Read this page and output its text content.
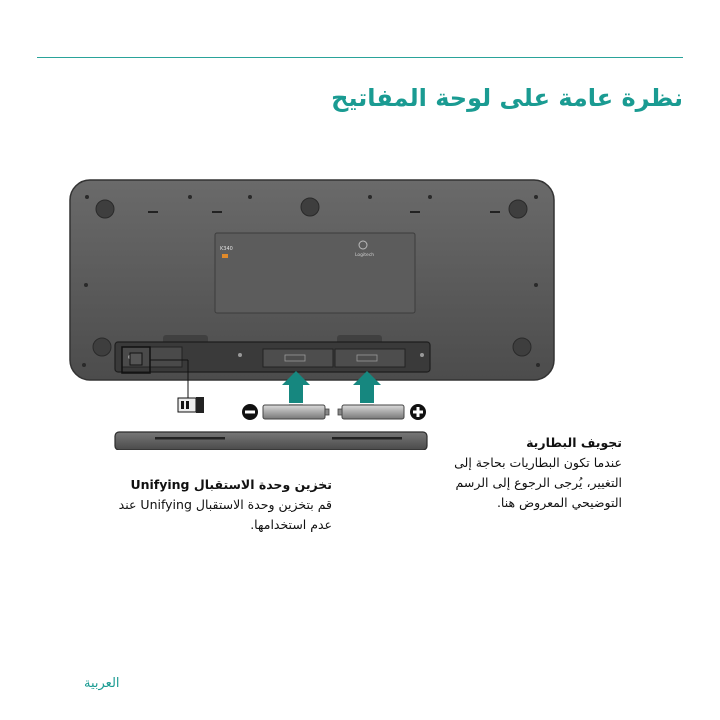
نظرة عامة على لوحة المفاتيح
K340
Logitech
تجويف البطارية

عندما تكون البطاريات بحاجة إلى

التغيير، يُرجى الرجوع إلى الرسم

التوضيحي المعروض هنا.

تخزين وحدة الاستقبال Unifying

قم بتخزين وحدة الاستقبال Unifying عند

عدم استخدامها.

العربية
